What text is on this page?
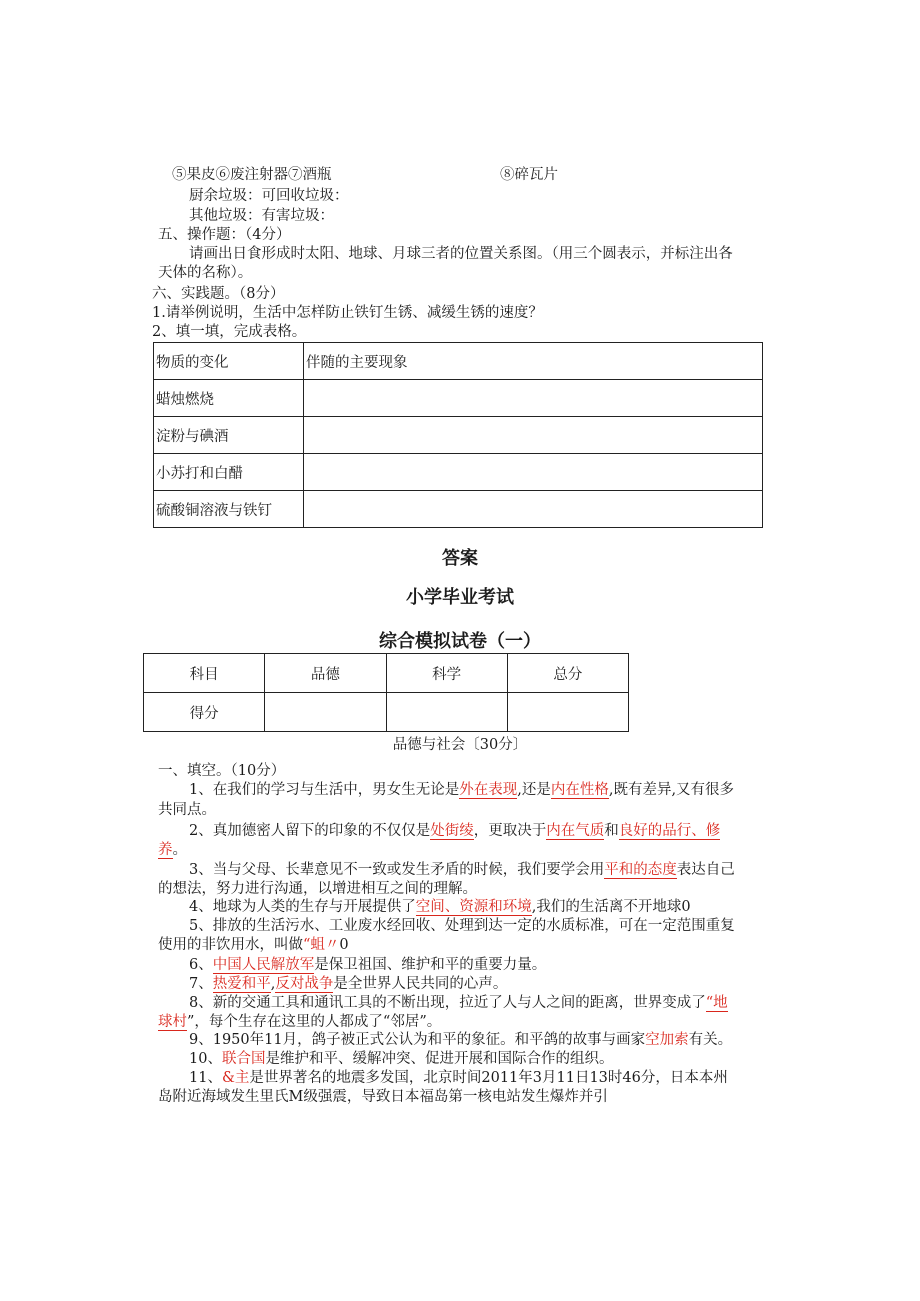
⑤果皮⑥废注射器⑦酒瓶	⑧碎瓦片
厨余垃圾：可回收垃圾：
其他垃圾：有害垃圾：
五、操作题：（4分）
请画出日食形成时太阳、地球、月球三者的位置关系图。（用三个圆表示，并标注出各
天体的名称）。
六、实践题。（8分）
1.请举例说明，生活中怎样防止铁钉生锈、减缓生锈的速度？
2、填一填，完成表格。
物质的变化	伴随的主要现象
蜡烛燃烧	
淀粉与碘酒	
小苏打和白醋	
硫酸铜溶液与铁钉	
答案
小学毕业考试
综合模拟试卷（一）
科目	品德	科学	总分
得分			
品德与社会〔30分〕
一、填空。（10分）
1、在我们的学习与生活中，男女生无论是外在表现,还是内在性格,既有差异,又有很多
共同点。
2、真加德密人留下的印象的不仅仅是处街绫，更取决于内在气质和良好的品行、修
养。
3、当与父母、长辈意见不一致或发生矛盾的时候，我们要学会用平和的态度表达自己
的想法，努力进行沟通，以增进相互之间的理解。
4、地球为人类的生存与开展提供了空间、资源和环境,我们的生活离不开地球0
5、排放的生活污水、工业废水经回收、处理到达一定的水质标准，可在一定范围重复
使用的非饮用水，叫做“蛆〃0
6、中国人民解放军是保卫祖国、维护和平的重要力量。
7、热爱和平,反对战争是全世界人民共同的心声。
8、新的交通工具和通讯工具的不断出现，拉近了人与人之间的距离，世界变成了“地
球村”，每个生存在这里的人都成了“邻居”。
9、1950年11月，鸽子被正式公认为和平的象征。和平鸽的故事与画家空加索有关。
10、联合国是维护和平、缓解冲突、促进开展和国际合作的组织。
11、&主是世界著名的地震多发国，北京时间2011年3月11日13时46分，日本本州
岛附近海域发生里氏M级强震，导致日本福岛第一核电站发生爆炸并引
